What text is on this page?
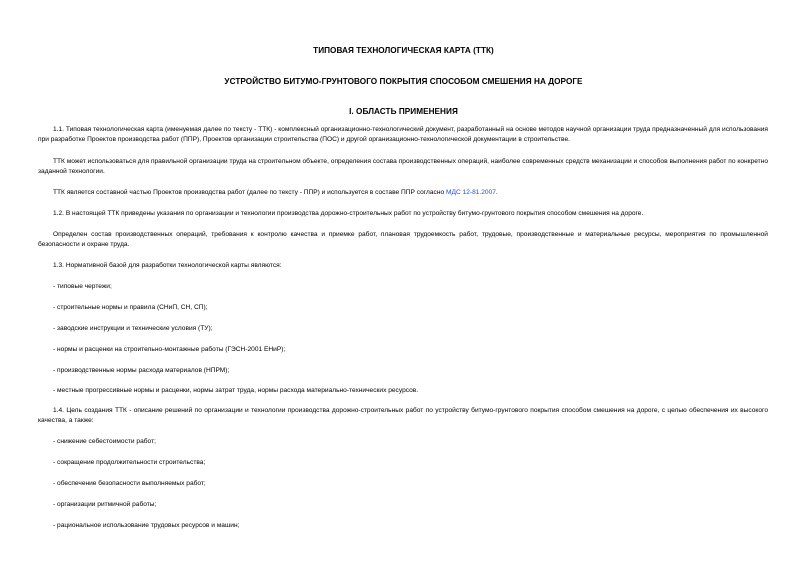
ТИПОВАЯ ТЕХНОЛОГИЧЕСКАЯ КАРТА (ТТК)
УСТРОЙСТВО БИТУМО-ГРУНТОВОГО ПОКРЫТИЯ СПОСОБОМ СМЕШЕНИЯ НА ДОРОГЕ
I. ОБЛАСТЬ ПРИМЕНЕНИЯ
1.1. Типовая технологическая карта (именуемая далее по тексту - ТТК) - комплексный организационно-технологический документ, разработанный на основе методов научной организации труда предназначенный для использования при разработке Проектов производства работ (ППР), Проектов организации строительства (ПОС) и другой организационно-технологической документации в строительстве.
ТТК может использоваться для правильной организации труда на строительном объекте, определения состава производственных операций, наиболее современных средств механизации и способов выполнения работ по конкретно заданной технологии.
ТТК является составной частью Проектов производства работ (далее по тексту - ППР) и используется в составе ППР согласно МДС 12-81.2007.
1.2. В настоящей ТТК приведены указания по организации и технологии производства дорожно-строительных работ по устройству битумо-грунтового покрытия способом смешения на дороге.
Определен состав производственных операций, требования к контролю качества и приемке работ, плановая трудоемкость работ, трудовые, производственные и материальные ресурсы, мероприятия по промышленной безопасности и охране труда.
1.3. Нормативной базой для разработки технологической карты являются:
- типовые чертежи;
- строительные нормы и правила (СНиП, СН, СП);
- заводские инструкции и технические условия (ТУ);
- нормы и расценки на строительно-монтажные работы (ГЭСН-2001 ЕНиР);
- производственные нормы расхода материалов (НПРМ);
- местные прогрессивные нормы и расценки, нормы затрат труда, нормы расхода материально-технических ресурсов.
1.4. Цель создания ТТК - описание решений по организации и технологии производства дорожно-строительных работ по устройству битумо-грунтового покрытия способом смешения на дороге, с целью обеспечения их высокого качества, а также:
- снижение себестоимости работ;
- сокращение продолжительности строительства;
- обеспечение безопасности выполняемых работ;
- организации ритмичной работы;
- рациональное использование трудовых ресурсов и машин;
